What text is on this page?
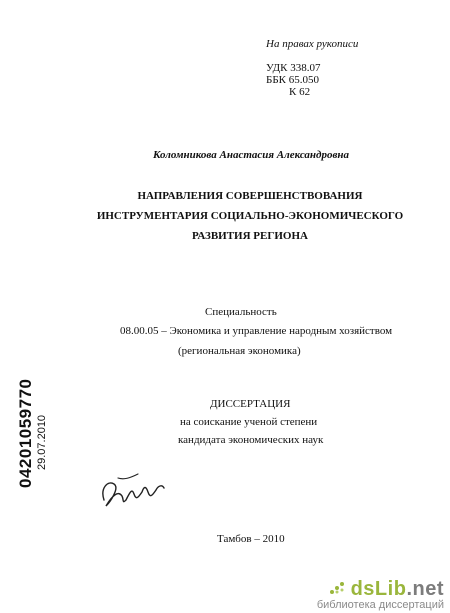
На правах рукописи
УДК 338.07
ББК 65.050
К 62
Коломникова Анастасия Александровна
НАПРАВЛЕНИЯ СОВЕРШЕНСТВОВАНИЯ
ИНСТРУМЕНТАРИЯ СОЦИАЛЬНО-ЭКОНОМИЧЕСКОГО
РАЗВИТИЯ РЕГИОНА
Специальность
08.00.05 – Экономика и управление народным хозяйством
(региональная экономика)
ДИССЕРТАЦИЯ
на соискание ученой степени
кандидата экономических наук
Тамбов – 2010
04201059770 29.07.2010
dsLib.net
библиотека диссертаций
